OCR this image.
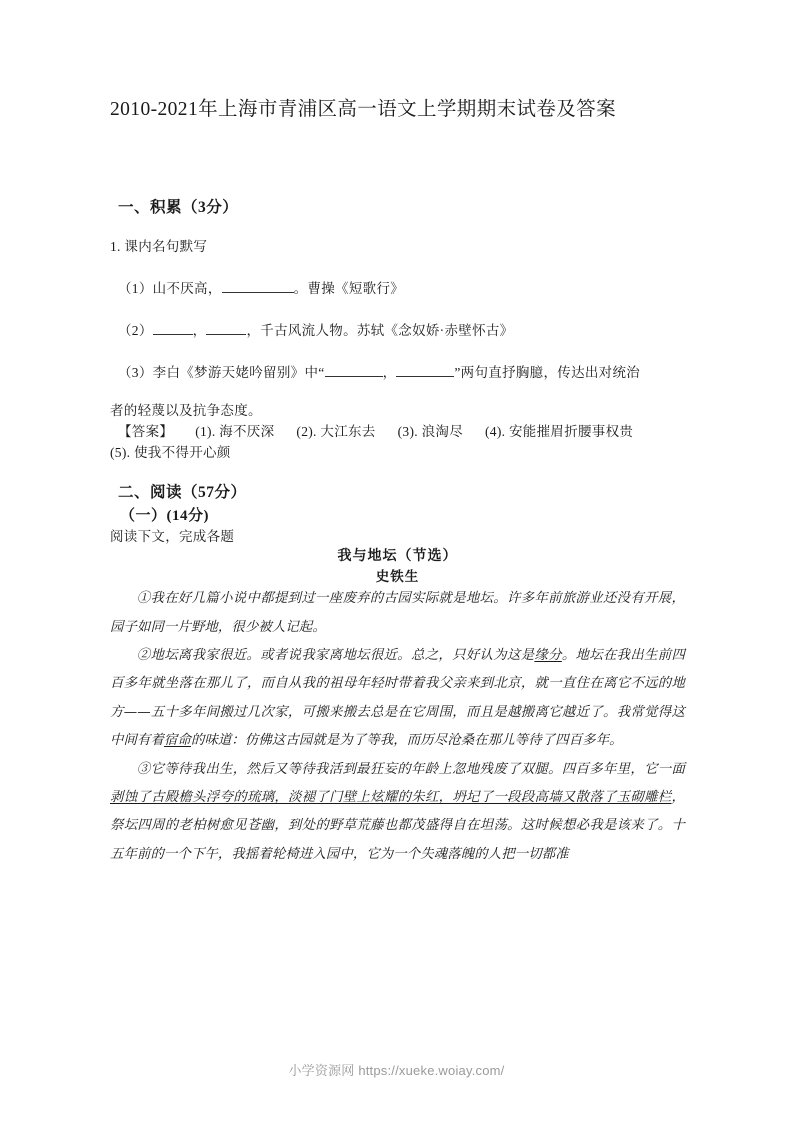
2010-2021年上海市青浦区高一语文上学期期末试卷及答案

一、积累（3分）

1. 课内名句默写

（1）山不厌高，	。曹操《短歌行》

（2）	，	，千古风流人物。苏轼《念奴娇·赤壁怀古》

（3）李白《梦游天姥吟留别》中“	，	”两句直抒胸臆，传达出对统治

者的轻蔑以及抗争态度。

【答案】 (1). 海不厌深 (2). 大江东去 (3). 浪淘尽 (4). 安能摧眉折腰事权贵

(5). 使我不得开心颜

二、阅读（57分）

（一）(14分)

阅读下文，完成各题

我与地坛（节选）

史铁生

①我在好几篇小说中都提到过一座废弃的古园实际就是地坛。许多年前旅游业还没有开展，园子如同一片野地，很少被人记起。

②地坛离我家很近。或者说我家离地坛很近。总之，只好认为这是缘分。地坛在我出生前四百多年就坐落在那儿了，而自从我的祖母年轻时带着我父亲来到北京，就一直住在离它不远的地方——五十多年间搬过几次家，可搬来搬去总是在它周围，而且是越搬离它越近了。我常觉得这中间有着宿命的味道：仿佛这古园就是为了等我，而历尽沧桑在那儿等待了四百多年。

③它等待我出生，然后又等待我活到最狂妄的年龄上忽地残废了双腿。四百多年里，它一面剥蚀了古殿檐头浮夸的琉璃，淡褪了门壁上炫耀的朱红，坍圮了一段段高墙又散落了玉砌雕栏，祭坛四周的老柏树愈见苍幽，到处的野草荒藤也都茂盛得自在坦荡。这时候想必我是该来了。十五年前的一个下午，我摇着轮椅进入园中，它为一个失魂落魄的人把一切都准

小学资源网 https://xueke.woiay.com/
